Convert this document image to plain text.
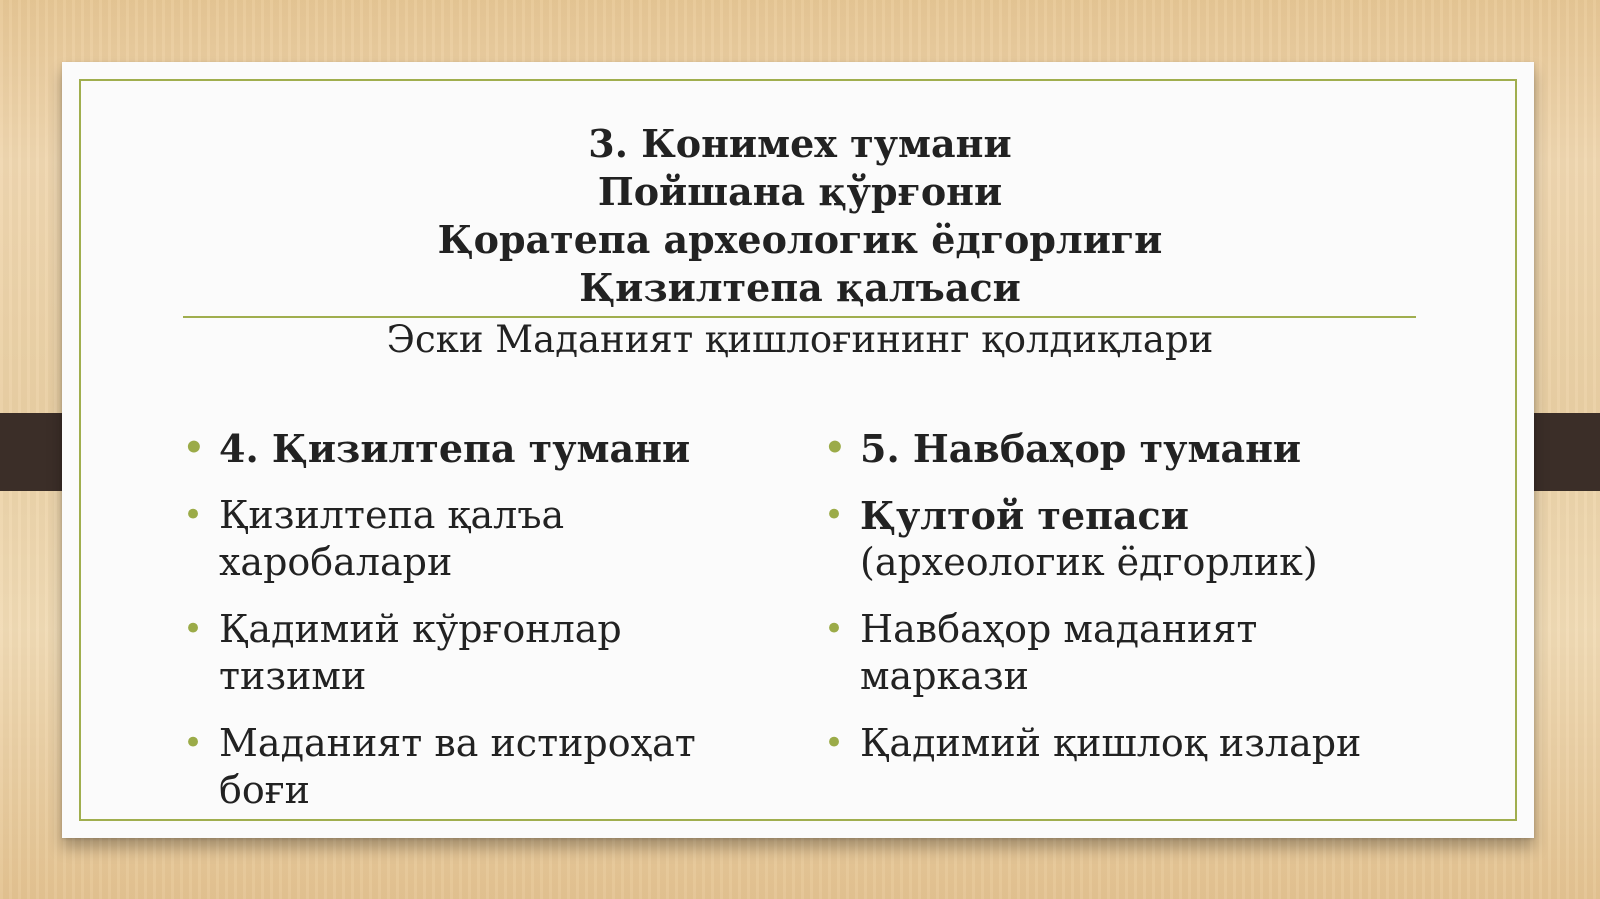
3. Конимех тумани
Пойшана қўрғони
Қоратепа археологик ёдгорлиги
Қизилтепа қалъаси
Эски Маданият қишлоғининг қолдиқлари
• 4. Қизилтепа тумани
• Қизилтепа қалъа харобалари
• Қадимий кўрғонлар тизими
• Маданият ва истироҳат боғи
• 5. Навбаҳор тумани
• Қултой тепаси
(археологик ёдгорлик)
• Навбаҳор маданият маркази
• Қадимий қишлоқ излари
